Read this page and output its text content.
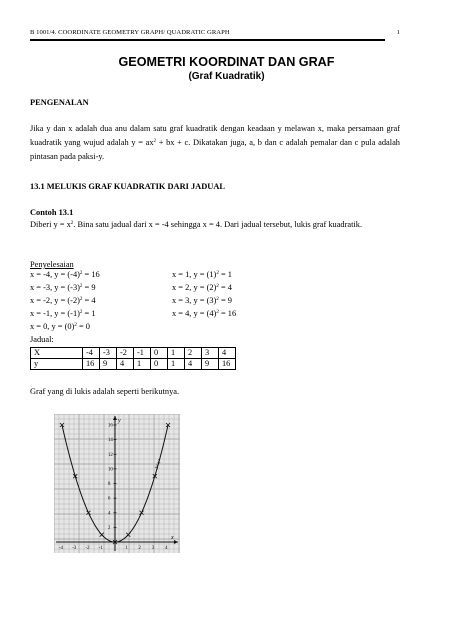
B 1001/4. COORDINATE GEOMETRY GRAPH/ QUADRATIC GRAPH	1
GEOMETRI KOORDINAT DAN GRAF
(Graf Kuadratik)
PENGENALAN
Jika y dan x adalah dua anu dalam satu graf kuadratik dengan keadaan y melawan x, maka persamaan graf kuadratik yang wujud adalah $y = ax^2$ + bx + c. Dikatakan juga, a, b dan c adalah pemalar dan c pula adalah pintasan pada paksi-y.
13.1 MELUKIS GRAF KUADRATIK DARI JADUAL
Contoh 13.1
Diberi $y = x^2$. Bina satu jadual dari x = -4 sehingga x = 4. Dari jadual tersebut, lukis graf kuadratik.
Penyelesaian
x = -4, $y = (-4)^2 = 16$
x = -3, $y = (-3)^2 = 9$
x = -2, $y = (-2)^2 = 4$
x = -1, $y = (-1)^2 = 1$
x = 0, $y = (0)^2 = 0$
x = 1, $y = (1)^2 = 1$
x = 2, $y = (2)^2 = 4$
x = 3, $y = (3)^2 = 9$
x = 4, $y = (4)^2 = 16$
Jadual:
X	-4	-3	-2	-1	0	1	2	3	4
y	16	9	4	1	0	1	4	9	16
Graf yang di lukis adalah seperti berikutnya.
x
y
-4 -3 -2 -1	1 2 3 4
16
14
12
10
8
6
4
2
y=x²
